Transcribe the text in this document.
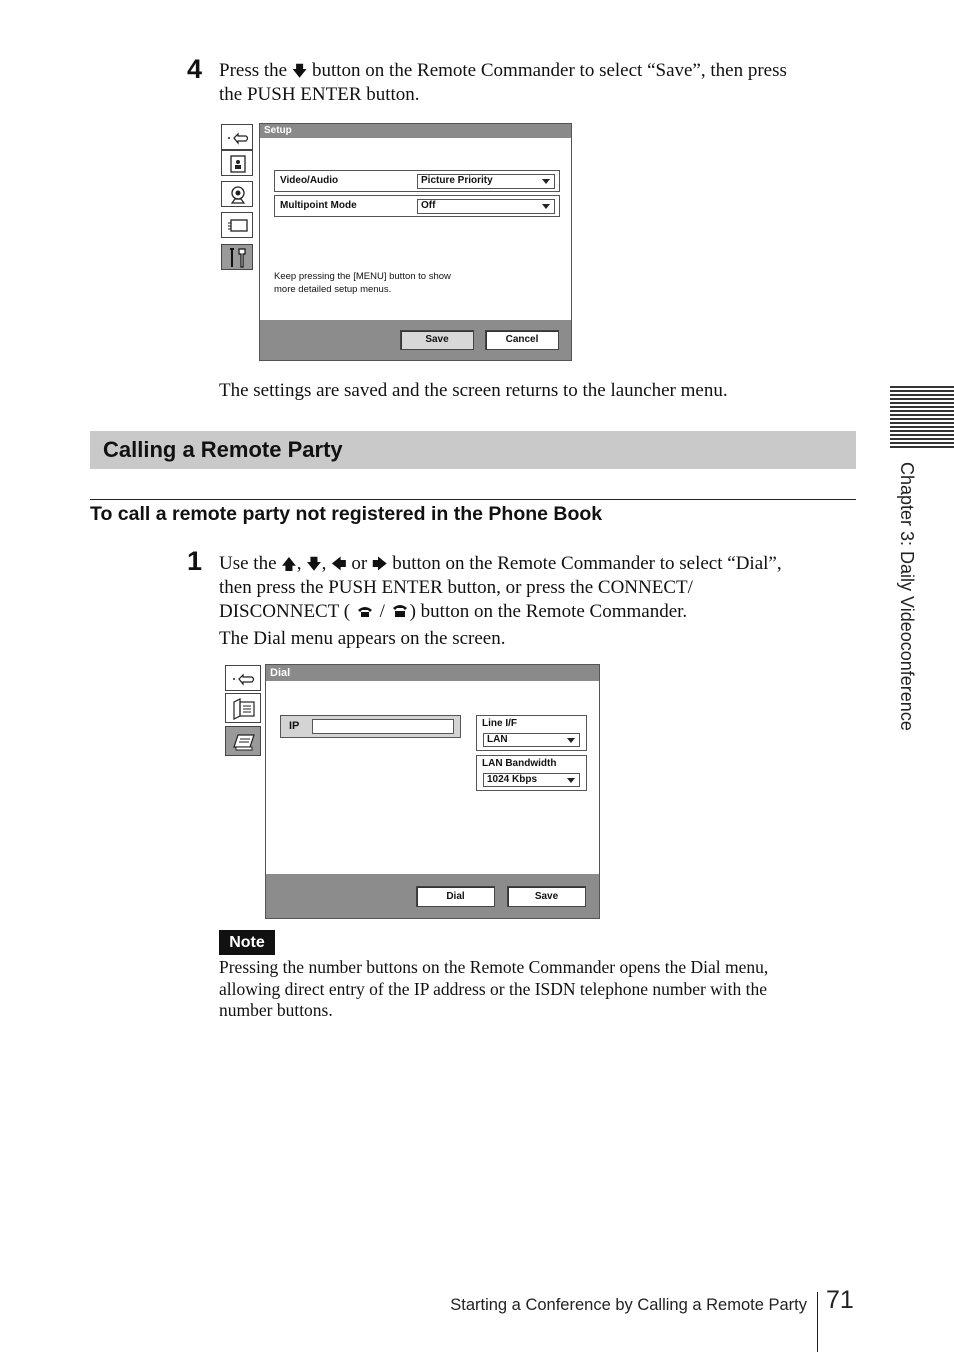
4 Press the 🡇 button on the Remote Commander to select “Save”, then press
the PUSH ENTER button.
Setup
Video/Audio	Picture Priority
Multipoint Mode	Off
Keep pressing the [MENU] button to show
more detailed setup menus.
Save	Cancel
The settings are saved and the screen returns to the launcher menu.
Calling a Remote Party
To call a remote party not registered in the Phone Book
1 Use the 🡅, 🡇, 🡄 or 🡆 button on the Remote Commander to select “Dial”,
then press the PUSH ENTER button, or press the CONNECT/
DISCONNECT ( / ) button on the Remote Commander.
The Dial menu appears on the screen.
Dial
IP	Line I/F
LAN
LAN Bandwidth
1024 Kbps
Dial	Save
Note
Pressing the number buttons on the Remote Commander opens the Dial menu,
allowing direct entry of the IP address or the ISDN telephone number with the
number buttons.
Chapter 3: Daily Videoconference
Starting a Conference by Calling a Remote Party 71
